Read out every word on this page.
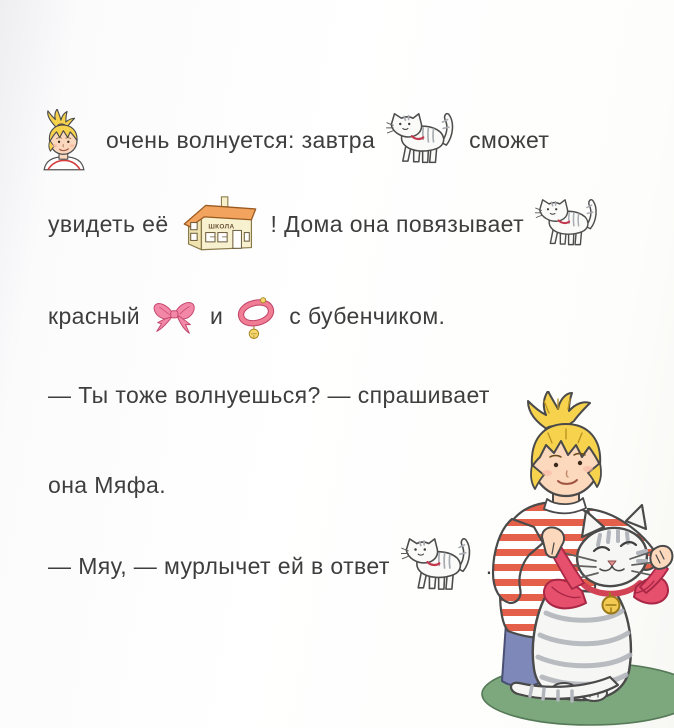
очень волнуется: завтра	сможет
увидеть её	! Дома она повязывает
красный	и	с бубенчиком.
— Ты тоже волнуешься? — спрашивает
она Мяфа.
— Мяу, — мурлычет ей в ответ	.
